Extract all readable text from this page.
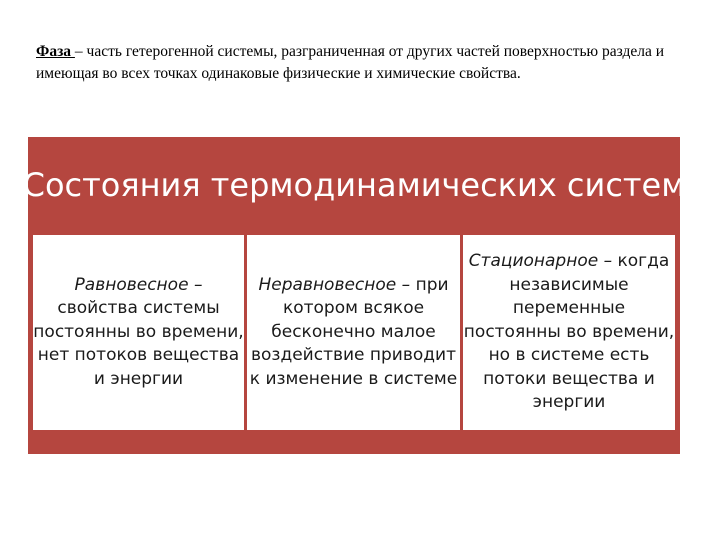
Фаза – часть гетерогенной системы, разграниченная от других частей поверхностью раздела и имеющая во всех точках одинаковые физические и химические свойства.

Состояния термодинамических систем
Равновесное – свойства системы постоянны во времени, нет потоков вещества и энергии
Неравновесное – при котором всякое бесконечно малое воздействие приводит к изменение в системе
Стационарное – когда независимые переменные постоянны во времени, но в системе есть потоки вещества и энергии
